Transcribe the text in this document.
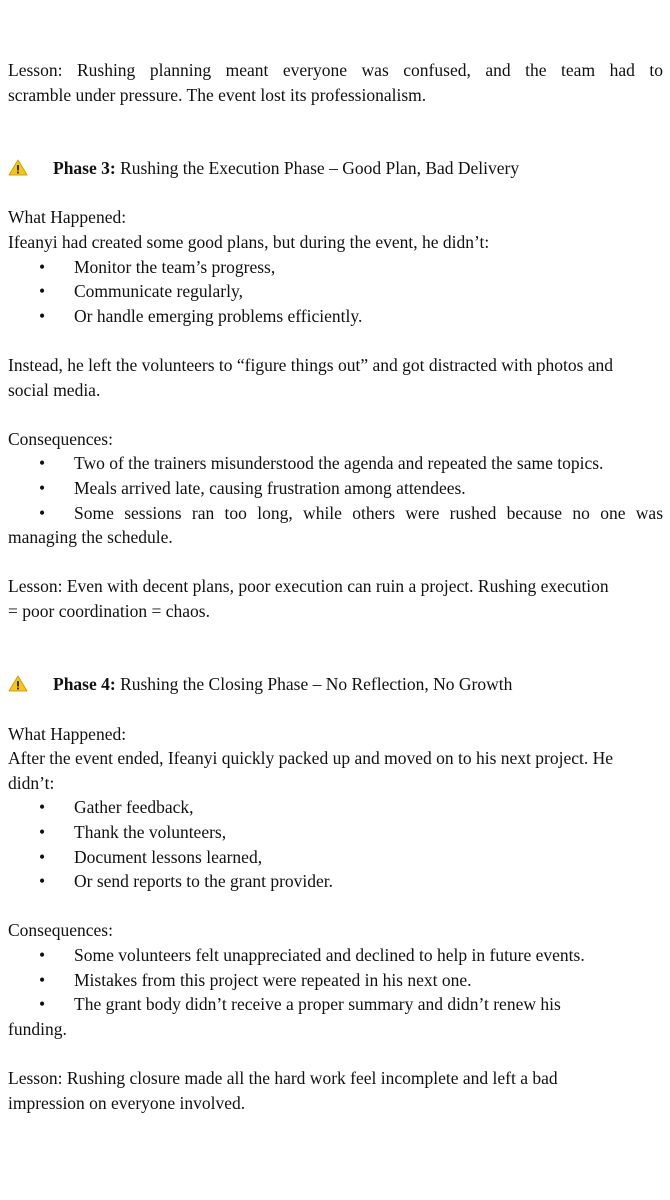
Lesson: Rushing planning meant everyone was confused, and the team had to
scramble under pressure. The event lost its professionalism.
Phase 3: Rushing the Execution Phase – Good Plan, Bad Delivery
What Happened:
Ifeanyi had created some good plans, but during the event, he didn’t:
• Monitor the team’s progress,
• Communicate regularly,
• Or handle emerging problems efficiently.
Instead, he left the volunteers to “figure things out” and got distracted with photos and
social media.
Consequences:
• Two of the trainers misunderstood the agenda and repeated the same topics.
• Meals arrived late, causing frustration among attendees.
• Some sessions ran too long, while others were rushed because no one was
managing the schedule.
Lesson: Even with decent plans, poor execution can ruin a project. Rushing execution
= poor coordination = chaos.
Phase 4: Rushing the Closing Phase – No Reflection, No Growth
What Happened:
After the event ended, Ifeanyi quickly packed up and moved on to his next project. He
didn’t:
• Gather feedback,
• Thank the volunteers,
• Document lessons learned,
• Or send reports to the grant provider.
Consequences:
• Some volunteers felt unappreciated and declined to help in future events.
• Mistakes from this project were repeated in his next one.
• The grant body didn’t receive a proper summary and didn’t renew his
funding.
Lesson: Rushing closure made all the hard work feel incomplete and left a bad
impression on everyone involved.
